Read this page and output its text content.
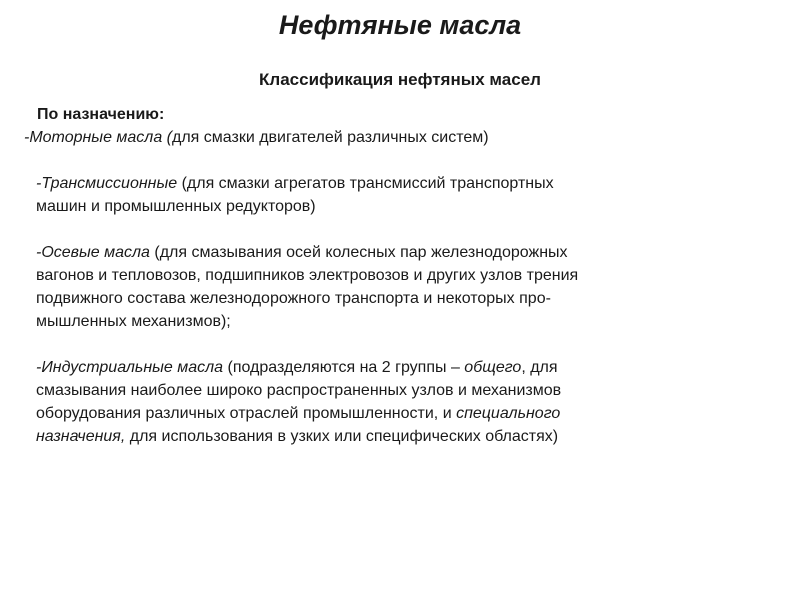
Нефтяные масла
Классификация нефтяных масел
По назначению:

-Моторные масла (для смазки двигателей различных систем)

-Трансмиссионные (для смазки агрегатов трансмиссий транспортных
машин и промышленных редукторов)

-Осевые масла (для смазывания осей колесных пар железнодорожных
вагонов и тепловозов, подшипников электровозов и других узлов трения
подвижного состава железнодорожного транспорта и некоторых про-
мышленных механизмов);

-Индустриальные масла (подразделяются на 2 группы – общего, для
смазывания наиболее широко распространенных узлов и механизмов
оборудования различных отраслей промышленности, и специального
назначения, для использования в узких или специфических областях)
